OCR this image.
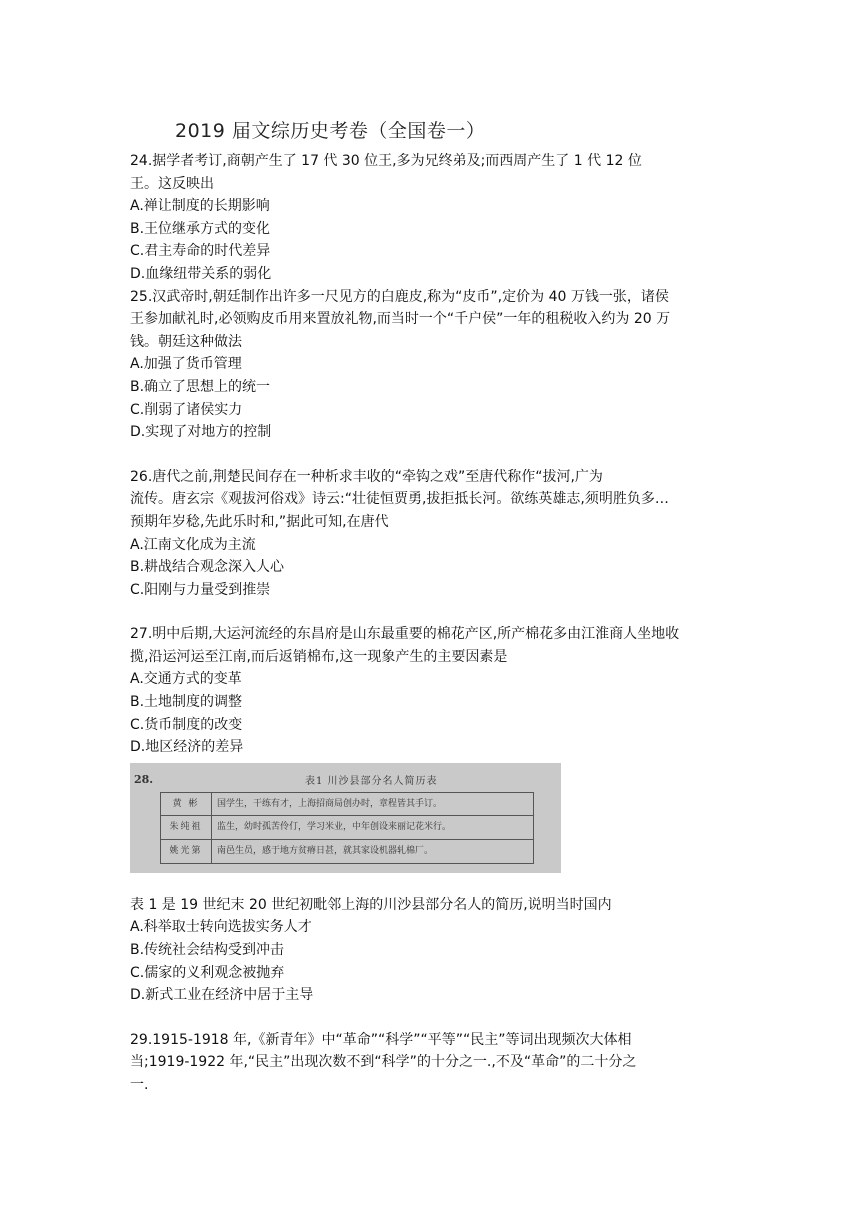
2019 届文综历史考卷（全国卷一）
24.据学者考订,商朝产生了 17 代 30 位王,多为兄终弟及;而西周产生了 1 代 12 位
王。这反映出
A.禅让制度的长期影响
B.王位继承方式的变化
C.君主寿命的时代差异
D.血缘纽带关系的弱化
25.汉武帝时,朝廷制作出许多一尺见方的白鹿皮,称为“皮币”,定价为 40 万钱一张，诸侯
王参加献礼时,必领购皮币用来置放礼物,而当时一个“千户侯”一年的租税收入约为 20 万
钱。朝廷这种做法
A.加强了货币管理
B.确立了思想上的统一
C.削弱了诸侯实力
D.实现了对地方的控制
26.唐代之前,荆楚民间存在一种析求丰收的“牵钩之戏”至唐代称作“拔河,广为
流传。唐玄宗《观拔河俗戏》诗云:“壮徒恒贾勇,拔拒抵长河。欲练英雄志,须明胜负多…
预期年岁稔,先此乐时和,”据此可知,在唐代
A.江南文化成为主流
B.耕战结合观念深入人心
C.阳刚与力量受到推崇
27.明中后期,大运河流经的东昌府是山东最重要的棉花产区,所产棉花多由江淮商人坐地收
揽,沿运河运至江南,而后返销棉布,这一现象产生的主要因素是
A.交通方式的变革
B.土地制度的调整
C.货币制度的改变
D.地区经济的差异
28.	表1 川沙县部分名人简历表
黄 彬	国学生，干练有才，上海招商局创办时，章程皆其手订。
朱纯祖	监生，幼时孤苦伶仃，学习米业，中年创设来丽记花米行。
姚光第	南邑生员，感于地方贫瘠日甚，就其家设机器轧棉厂。
表 1 是 19 世纪末 20 世纪初毗邻上海的川沙县部分名人的简历,说明当时国内
A.科举取士转向选拔实务人才
B.传统社会结构受到冲击
C.儒家的义利观念被抛弃
D.新式工业在经济中居于主导
29.1915-1918 年,《新青年》中“革命”“科学”“平等”“民主”等词出现频次大体相
当;1919-1922 年,“民主”出现次数不到“科学”的十分之一.,不及“革命”的二十分之
一.
